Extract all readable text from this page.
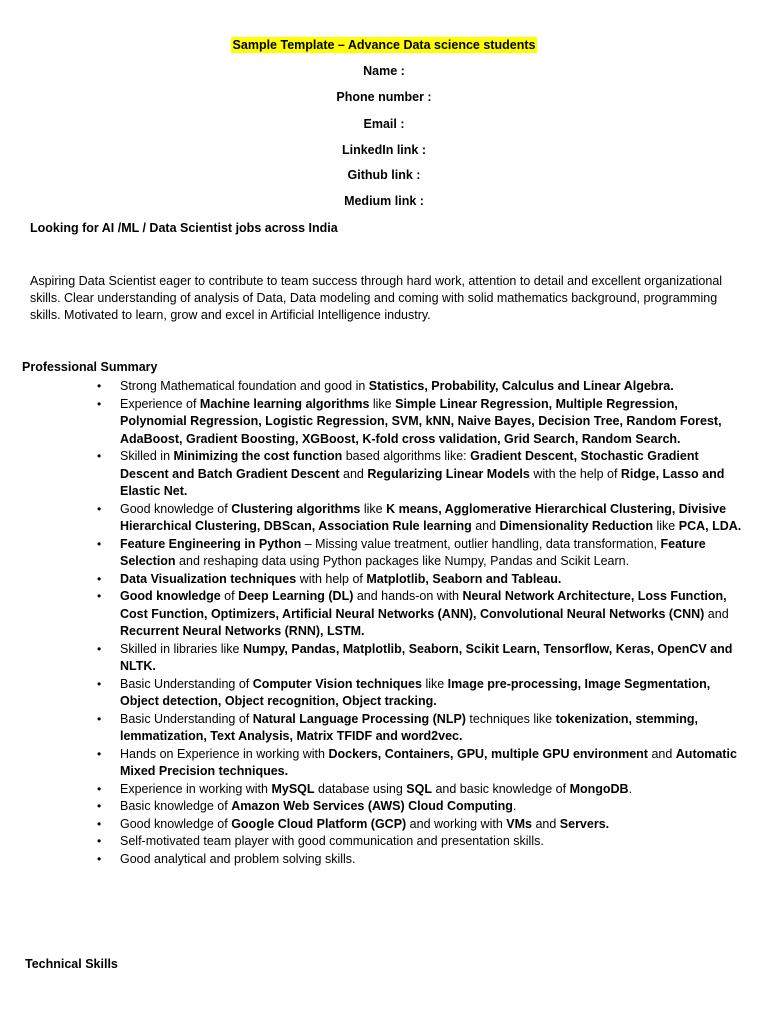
Sample Template – Advance Data science students
Name :
Phone number :
Email :
LinkedIn link :
Github link :
Medium link :
Looking for AI /ML / Data Scientist jobs across India
Aspiring Data Scientist eager to contribute to team success through hard work, attention to detail and excellent organizational skills. Clear understanding of analysis of Data, Data modeling and coming with solid mathematics background, programming skills. Motivated to learn, grow and excel in Artificial Intelligence industry.
Professional Summary
• Strong Mathematical foundation and good in Statistics, Probability, Calculus and Linear Algebra.
• Experience of Machine learning algorithms like Simple Linear Regression, Multiple Regression, Polynomial Regression, Logistic Regression, SVM, kNN, Naive Bayes, Decision Tree, Random Forest, AdaBoost, Gradient Boosting, XGBoost, K-fold cross validation, Grid Search, Random Search.
• Skilled in Minimizing the cost function based algorithms like: Gradient Descent, Stochastic Gradient Descent and Batch Gradient Descent and Regularizing Linear Models with the help of Ridge, Lasso and Elastic Net.
• Good knowledge of Clustering algorithms like K means, Agglomerative Hierarchical Clustering, Divisive Hierarchical Clustering, DBScan, Association Rule learning and Dimensionality Reduction like PCA, LDA.
• Feature Engineering in Python – Missing value treatment, outlier handling, data transformation, Feature Selection and reshaping data using Python packages like Numpy, Pandas and Scikit Learn.
• Data Visualization techniques with help of Matplotlib, Seaborn and Tableau.
• Good knowledge of Deep Learning (DL) and hands-on with Neural Network Architecture, Loss Function, Cost Function, Optimizers, Artificial Neural Networks (ANN), Convolutional Neural Networks (CNN) and Recurrent Neural Networks (RNN), LSTM.
• Skilled in libraries like Numpy, Pandas, Matplotlib, Seaborn, Scikit Learn, Tensorflow, Keras, OpenCV and NLTK.
• Basic Understanding of Computer Vision techniques like Image pre-processing, Image Segmentation, Object detection, Object recognition, Object tracking.
• Basic Understanding of Natural Language Processing (NLP) techniques like tokenization, stemming, lemmatization, Text Analysis, Matrix TFIDF and word2vec.
• Hands on Experience in working with Dockers, Containers, GPU, multiple GPU environment and Automatic Mixed Precision techniques.
• Experience in working with MySQL database using SQL and basic knowledge of MongoDB.
• Basic knowledge of Amazon Web Services (AWS) Cloud Computing.
• Good knowledge of Google Cloud Platform (GCP) and working with VMs and Servers.
• Self-motivated team player with good communication and presentation skills.
• Good analytical and problem solving skills.
Technical Skills
